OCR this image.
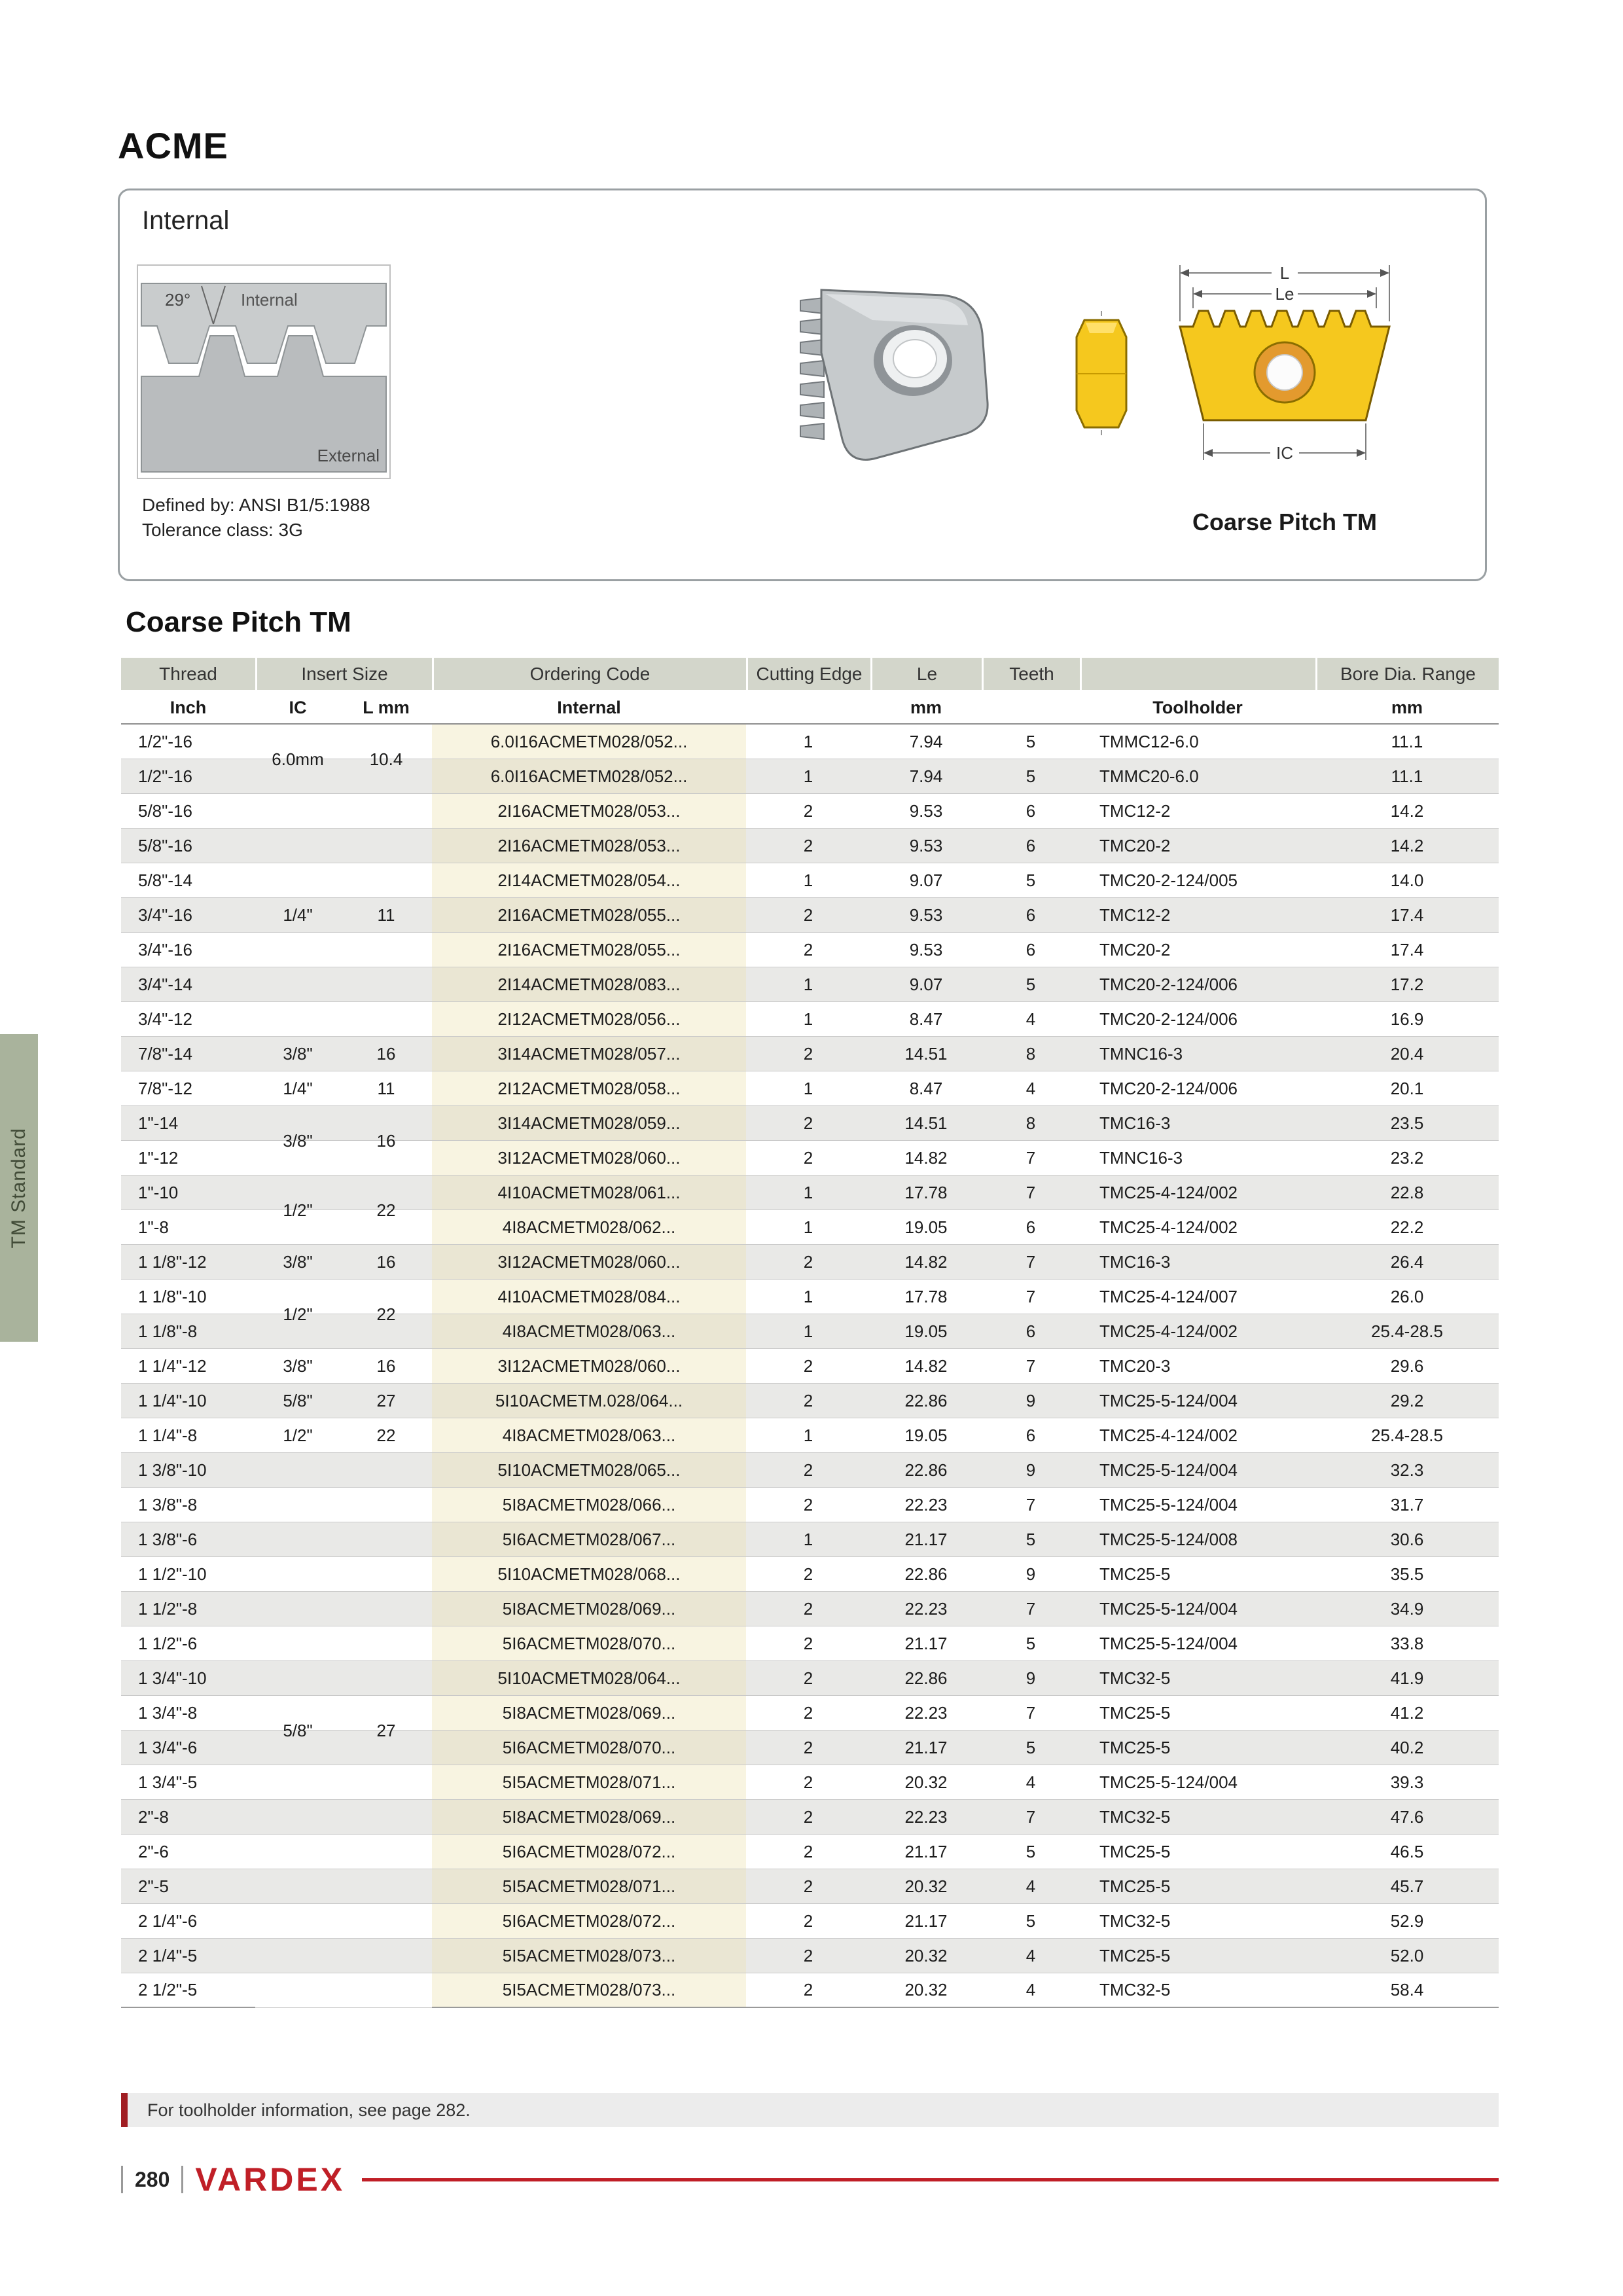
ACME
Internal
29°	Internal
External
Defined by: ANSI B1/5:1988
Tolerance class: 3G
L
Le
IC
Coarse Pitch TM
TM Standard
Coarse Pitch TM
Thread	Insert Size		Ordering Code	Cutting Edge	Le	Teeth		Bore Dia. Range
Inch	IC	L mm	Internal		mm		Toolholder	mm
1/2"-16	6.0mm	10.4	6.0I16ACMETM028/052...	1	7.94	5	TMMC12-6.0	11.1
1/2"-16			6.0I16ACMETM028/052...	1	7.94	5	TMMC20-6.0	11.1
5/8"-16	1/4"	11	2I16ACMETM028/053...	2	9.53	6	TMC12-2	14.2
5/8"-16			2I16ACMETM028/053...	2	9.53	6	TMC20-2	14.2
5/8"-14			2I14ACMETM028/054...	1	9.07	5	TMC20-2-124/005	14.0
3/4"-16			2I16ACMETM028/055...	2	9.53	6	TMC12-2	17.4
3/4"-16			2I16ACMETM028/055...	2	9.53	6	TMC20-2	17.4
3/4"-14			2I14ACMETM028/083...	1	9.07	5	TMC20-2-124/006	17.2
3/4"-12			2I12ACMETM028/056...	1	8.47	4	TMC20-2-124/006	16.9
7/8"-14	3/8"	16	3I14ACMETM028/057...	2	14.51	8	TMNC16-3	20.4
7/8"-12	1/4"	11	2I12ACMETM028/058...	1	8.47	4	TMC20-2-124/006	20.1
1"-14	3/8"	16	3I14ACMETM028/059...	2	14.51	8	TMC16-3	23.5
1"-12			3I12ACMETM028/060...	2	14.82	7	TMNC16-3	23.2
1"-10	1/2"	22	4I10ACMETM028/061...	1	17.78	7	TMC25-4-124/002	22.8
1"-8			4I8ACMETM028/062...	1	19.05	6	TMC25-4-124/002	22.2
1 1/8"-12	3/8"	16	3I12ACMETM028/060...	2	14.82	7	TMC16-3	26.4
1 1/8"-10	1/2"	22	4I10ACMETM028/084...	1	17.78	7	TMC25-4-124/007	26.0
1 1/8"-8			4I8ACMETM028/063...	1	19.05	6	TMC25-4-124/002	25.4-28.5
1 1/4"-12	3/8"	16	3I12ACMETM028/060...	2	14.82	7	TMC20-3	29.6
1 1/4"-10	5/8"	27	5I10ACMETM.028/064...	2	22.86	9	TMC25-5-124/004	29.2
1 1/4"-8	1/2"	22	4I8ACMETM028/063...	1	19.05	6	TMC25-4-124/002	25.4-28.5
1 3/8"-10	5/8"	27	5I10ACMETM028/065...	2	22.86	9	TMC25-5-124/004	32.3
1 3/8"-8			5I8ACMETM028/066...	2	22.23	7	TMC25-5-124/004	31.7
1 3/8"-6			5I6ACMETM028/067...	1	21.17	5	TMC25-5-124/008	30.6
1 1/2"-10			5I10ACMETM028/068...	2	22.86	9	TMC25-5	35.5
1 1/2"-8			5I8ACMETM028/069...	2	22.23	7	TMC25-5-124/004	34.9
1 1/2"-6			5I6ACMETM028/070...	2	21.17	5	TMC25-5-124/004	33.8
1 3/4"-10			5I10ACMETM028/064...	2	22.86	9	TMC32-5	41.9
1 3/4"-8			5I8ACMETM028/069...	2	22.23	7	TMC25-5	41.2
1 3/4"-6			5I6ACMETM028/070...	2	21.17	5	TMC25-5	40.2
1 3/4"-5			5I5ACMETM028/071...	2	20.32	4	TMC25-5-124/004	39.3
2"-8			5I8ACMETM028/069...	2	22.23	7	TMC32-5	47.6
2"-6			5I6ACMETM028/072...	2	21.17	5	TMC25-5	46.5
2"-5			5I5ACMETM028/071...	2	20.32	4	TMC25-5	45.7
2 1/4"-6			5I6ACMETM028/072...	2	21.17	5	TMC32-5	52.9
2 1/4"-5			5I5ACMETM028/073...	2	20.32	4	TMC25-5	52.0
2 1/2"-5			5I5ACMETM028/073...	2	20.32	4	TMC32-5	58.4
For toolholder information, see page 282.
280 VARDEX
